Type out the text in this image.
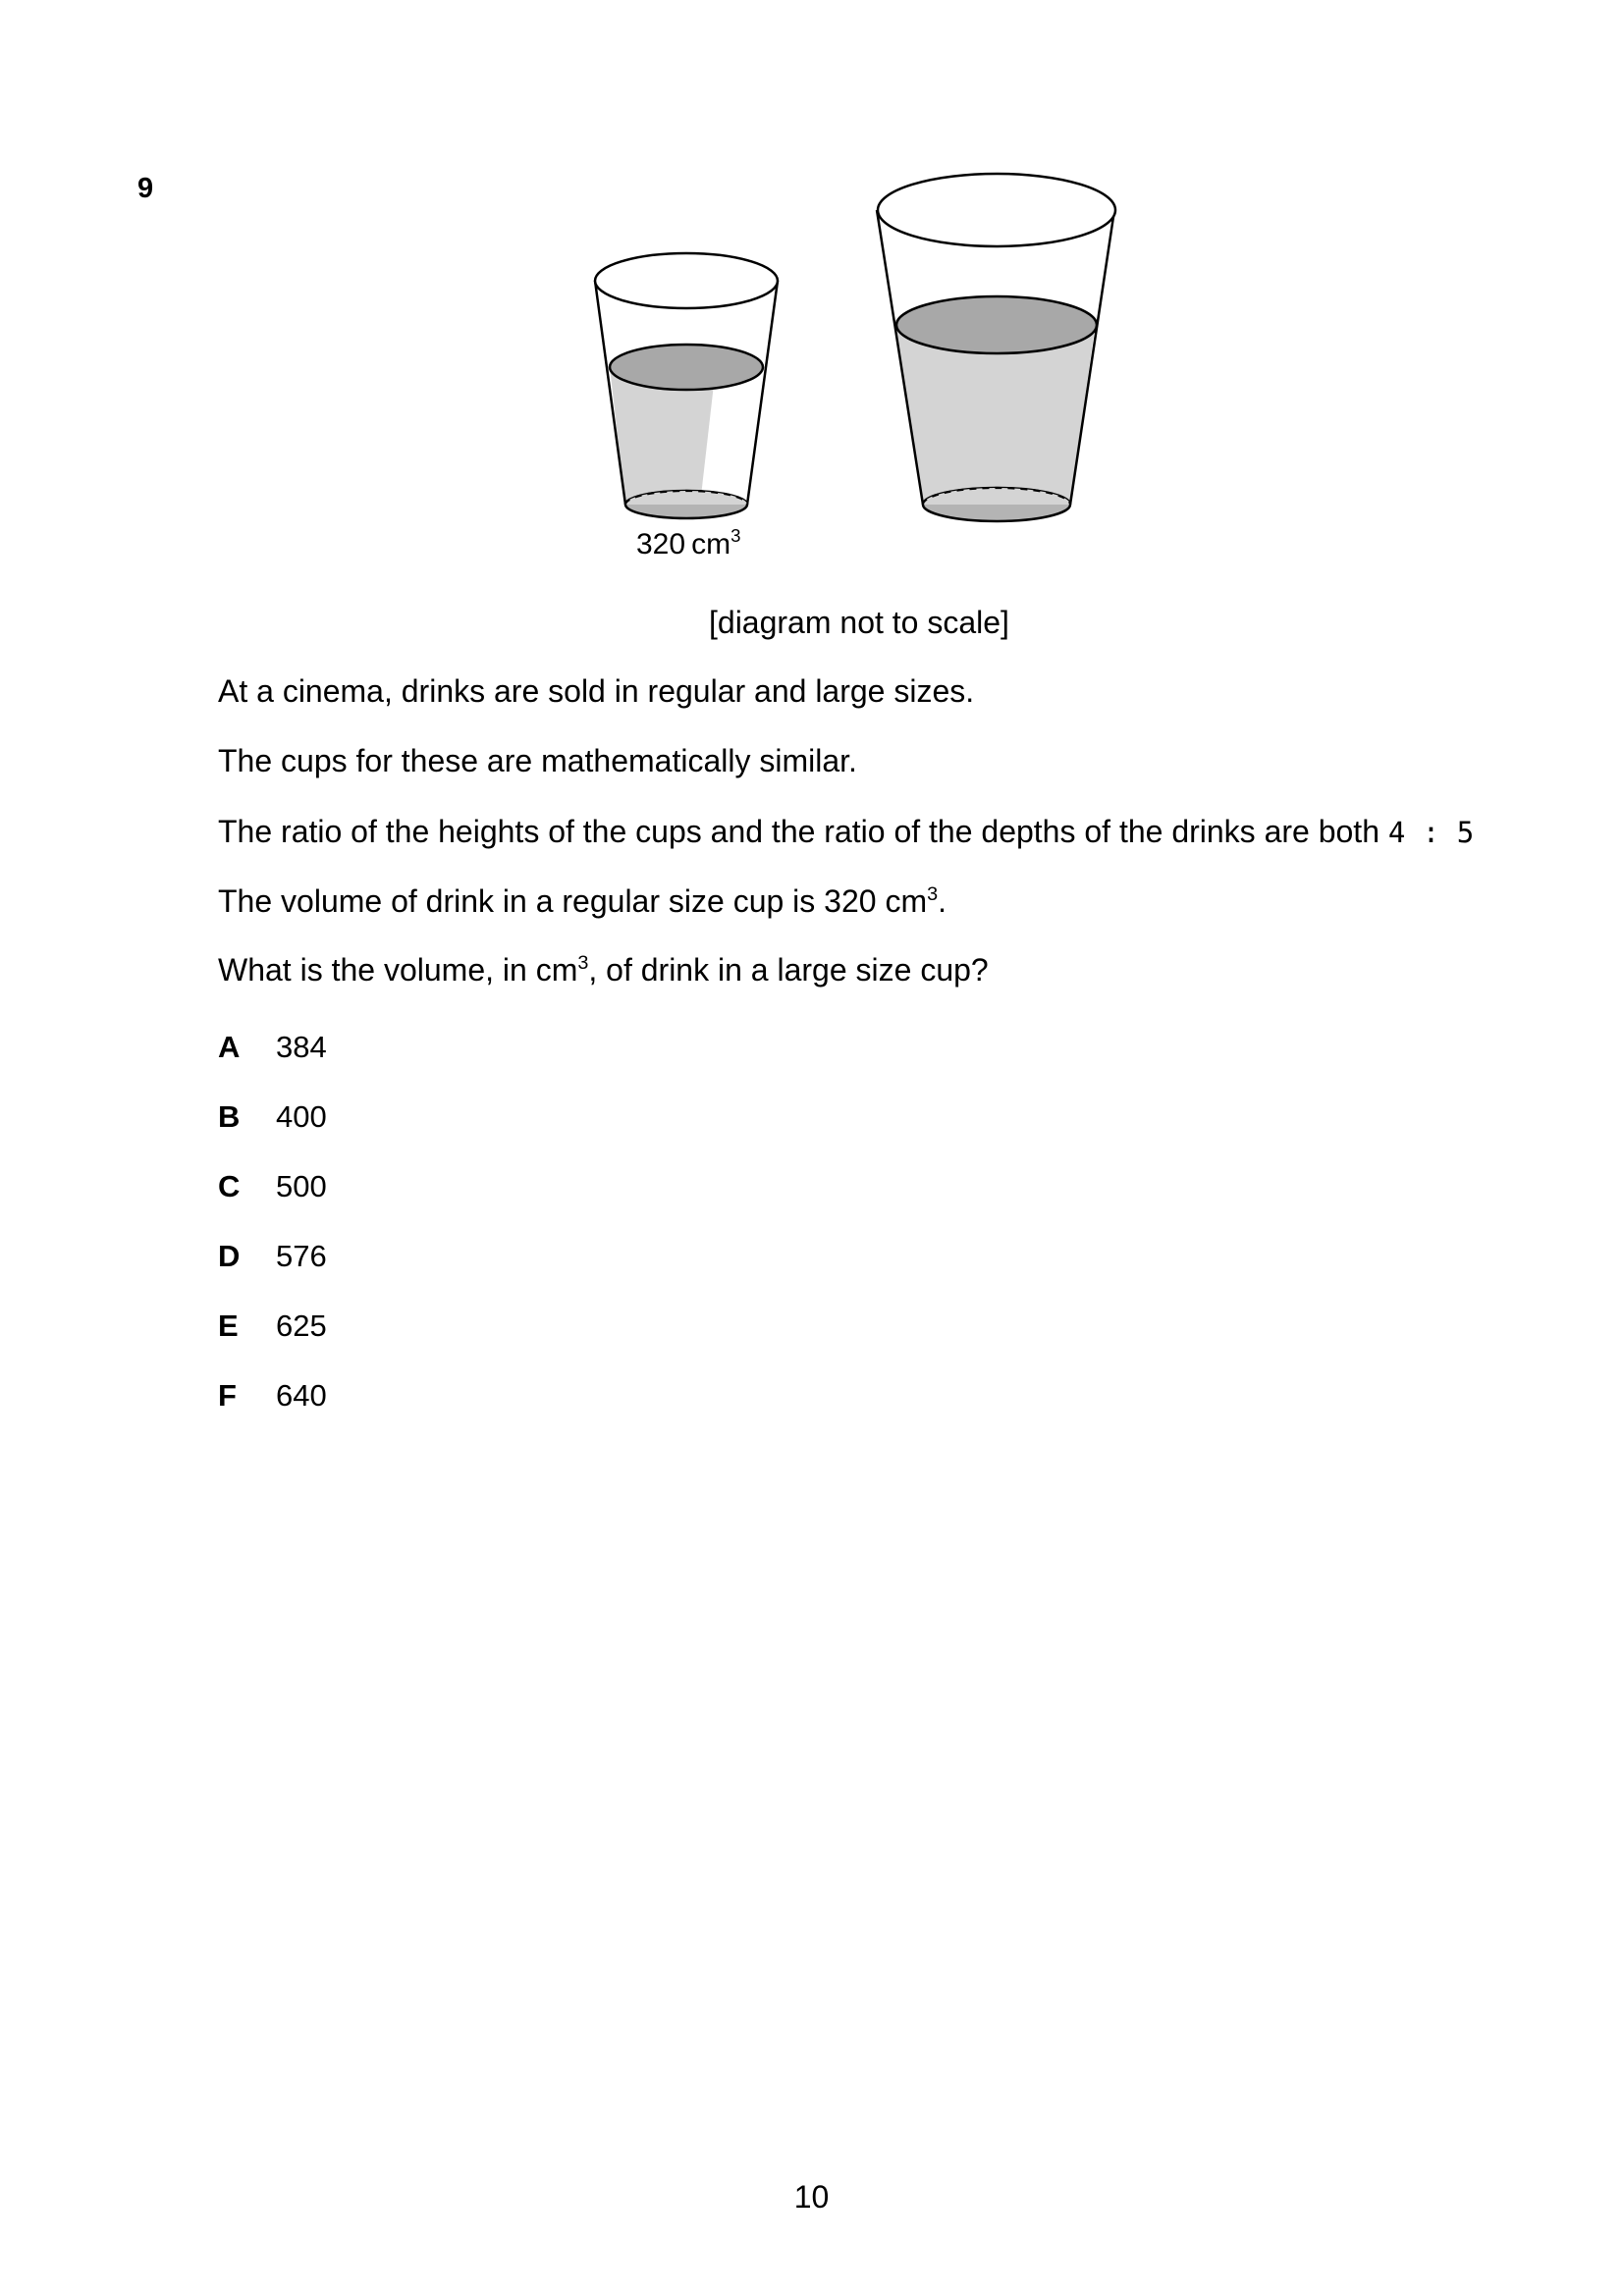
9
320  $cm^3$
[diagram not to scale]
At a cinema, drinks are sold in regular and large sizes.
The cups for these are mathematically similar.
The ratio of the heights of the cups and the ratio of the depths of the drinks are both 4 : 5
The volume of drink in a regular size cup is 320 $cm^3$.
What is the volume, in $cm^3$, of drink in a large size cup?
A 384
B 400
C 500
D 576
E 625
F 640
10
